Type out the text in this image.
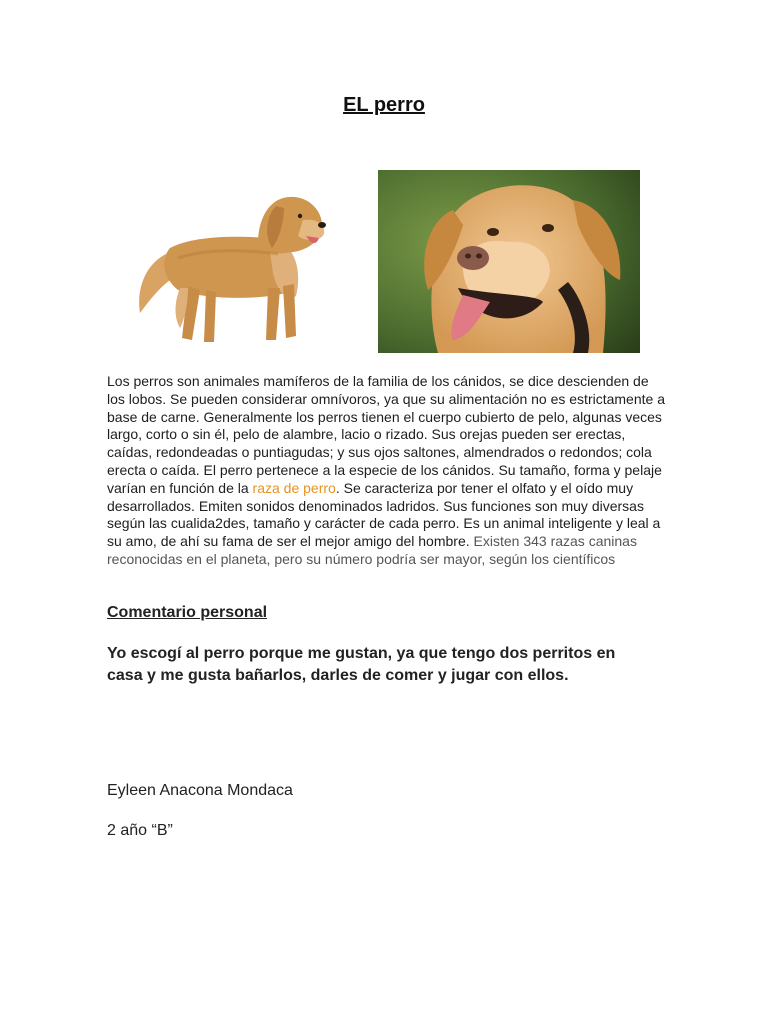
EL perro
Los perros son animales mamíferos de la familia de los cánidos, se dice descienden de los lobos. Se pueden considerar omnívoros, ya que su alimentación no es estrictamente a base de carne. Generalmente los perros tienen el cuerpo cubierto de pelo, algunas veces largo, corto o sin él, pelo de alambre, lacio o rizado. Sus orejas pueden ser erectas, caídas, redondeadas o puntiagudas; y sus ojos saltones, almendrados o redondos; cola erecta o caída. El perro pertenece a la especie de los cánidos. Su tamaño, forma y pelaje varían en función de la raza de perro. Se caracteriza por tener el olfato y el oído muy desarrollados. Emiten sonidos denominados ladridos. Sus funciones son muy diversas según las cualida2des, tamaño y carácter de cada perro. Es un animal inteligente y leal a su amo, de ahí su fama de ser el mejor amigo del hombre. Existen 343 razas caninas reconocidas en el planeta, pero su número podría ser mayor, según los científicos
Comentario personal
Yo escogí al perro porque me gustan, ya que tengo dos perritos en casa y me gusta bañarlos, darles de comer y jugar con ellos.
Eyleen Anacona Mondaca
2 año “B”
